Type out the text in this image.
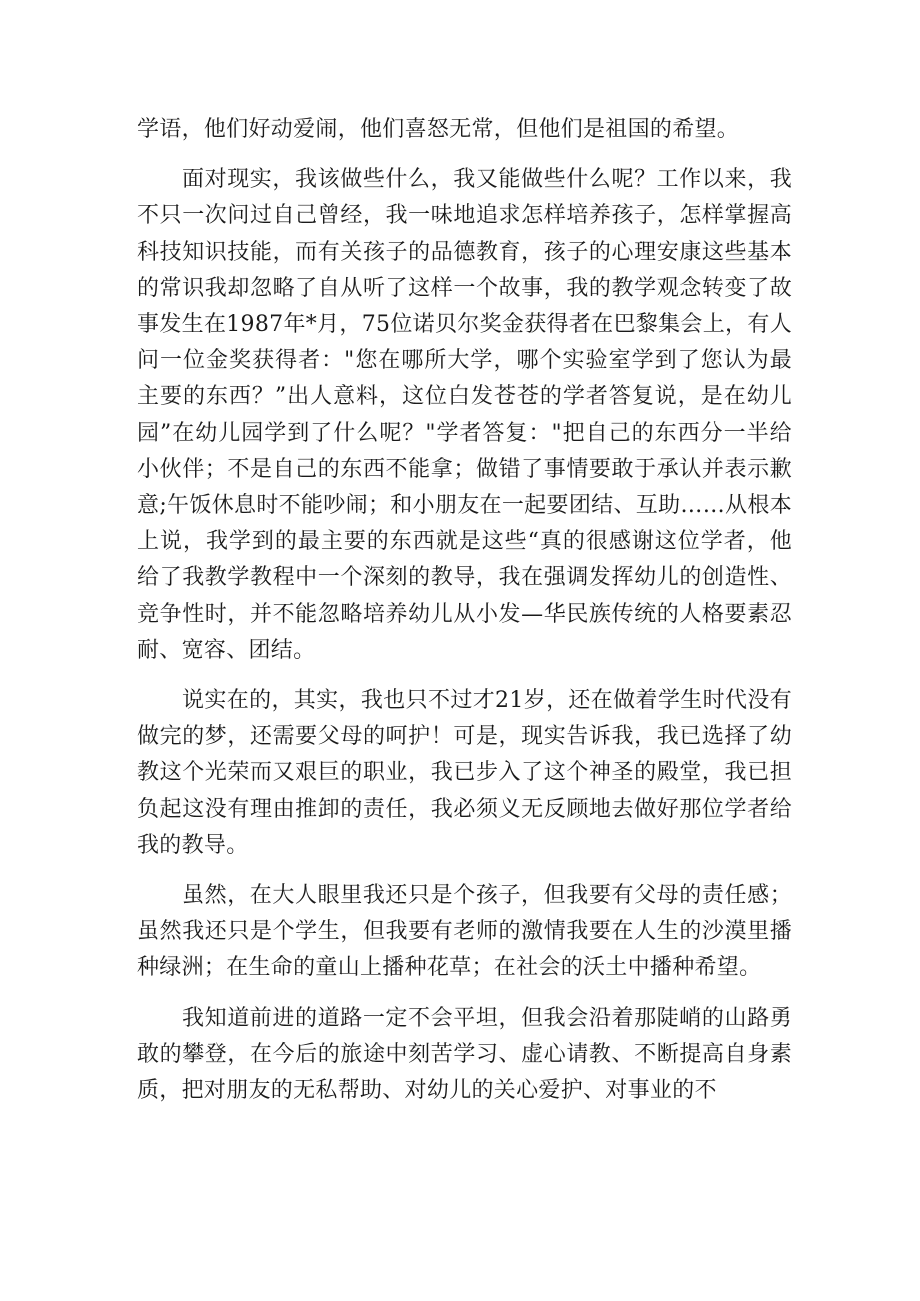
学语，他们好动爱闹，他们喜怒无常，但他们是祖国的希望。

面对现实，我该做些什么，我又能做些什么呢？工作以来，我不只一次问过自己曾经，我一味地追求怎样培养孩子，怎样掌握高科技知识技能，而有关孩子的品德教育，孩子的心理安康这些基本的常识我却忽略了自从听了这样一个故事，我的教学观念转变了故事发生在1987年*月，75位诺贝尔奖金获得者在巴黎集会上，有人问一位金奖获得者："您在哪所大学，哪个实验室学到了您认为最主要的东西？”出人意料，这位白发苍苍的学者答复说，是在幼儿园”在幼儿园学到了什么呢？"学者答复："把自己的东西分一半给小伙伴；不是自己的东西不能拿；做错了事情要敢于承认并表示歉意;午饭休息时不能吵闹；和小朋友在一起要团结、互助……从根本上说，我学到的最主要的东西就是这些“真的很感谢这位学者，他给了我教学教程中一个深刻的教导，我在强调发挥幼儿的创造性、竞争性时，并不能忽略培养幼儿从小发—华民族传统的人格要素忍耐、宽容、团结。

说实在的，其实，我也只不过才21岁，还在做着学生时代没有做完的梦，还需要父母的呵护！可是，现实告诉我，我已选择了幼教这个光荣而又艰巨的职业，我已步入了这个神圣的殿堂，我已担负起这没有理由推卸的责任，我必须义无反顾地去做好那位学者给我的教导。

虽然，在大人眼里我还只是个孩子，但我要有父母的责任感；虽然我还只是个学生，但我要有老师的激情我要在人生的沙漠里播种绿洲；在生命的童山上播种花草；在社会的沃土中播种希望。

我知道前进的道路一定不会平坦，但我会沿着那陡峭的山路勇敢的攀登，在今后的旅途中刻苦学习、虚心请教、不断提高自身素质，把对朋友的无私帮助、对幼儿的关心爱护、对事业的不
